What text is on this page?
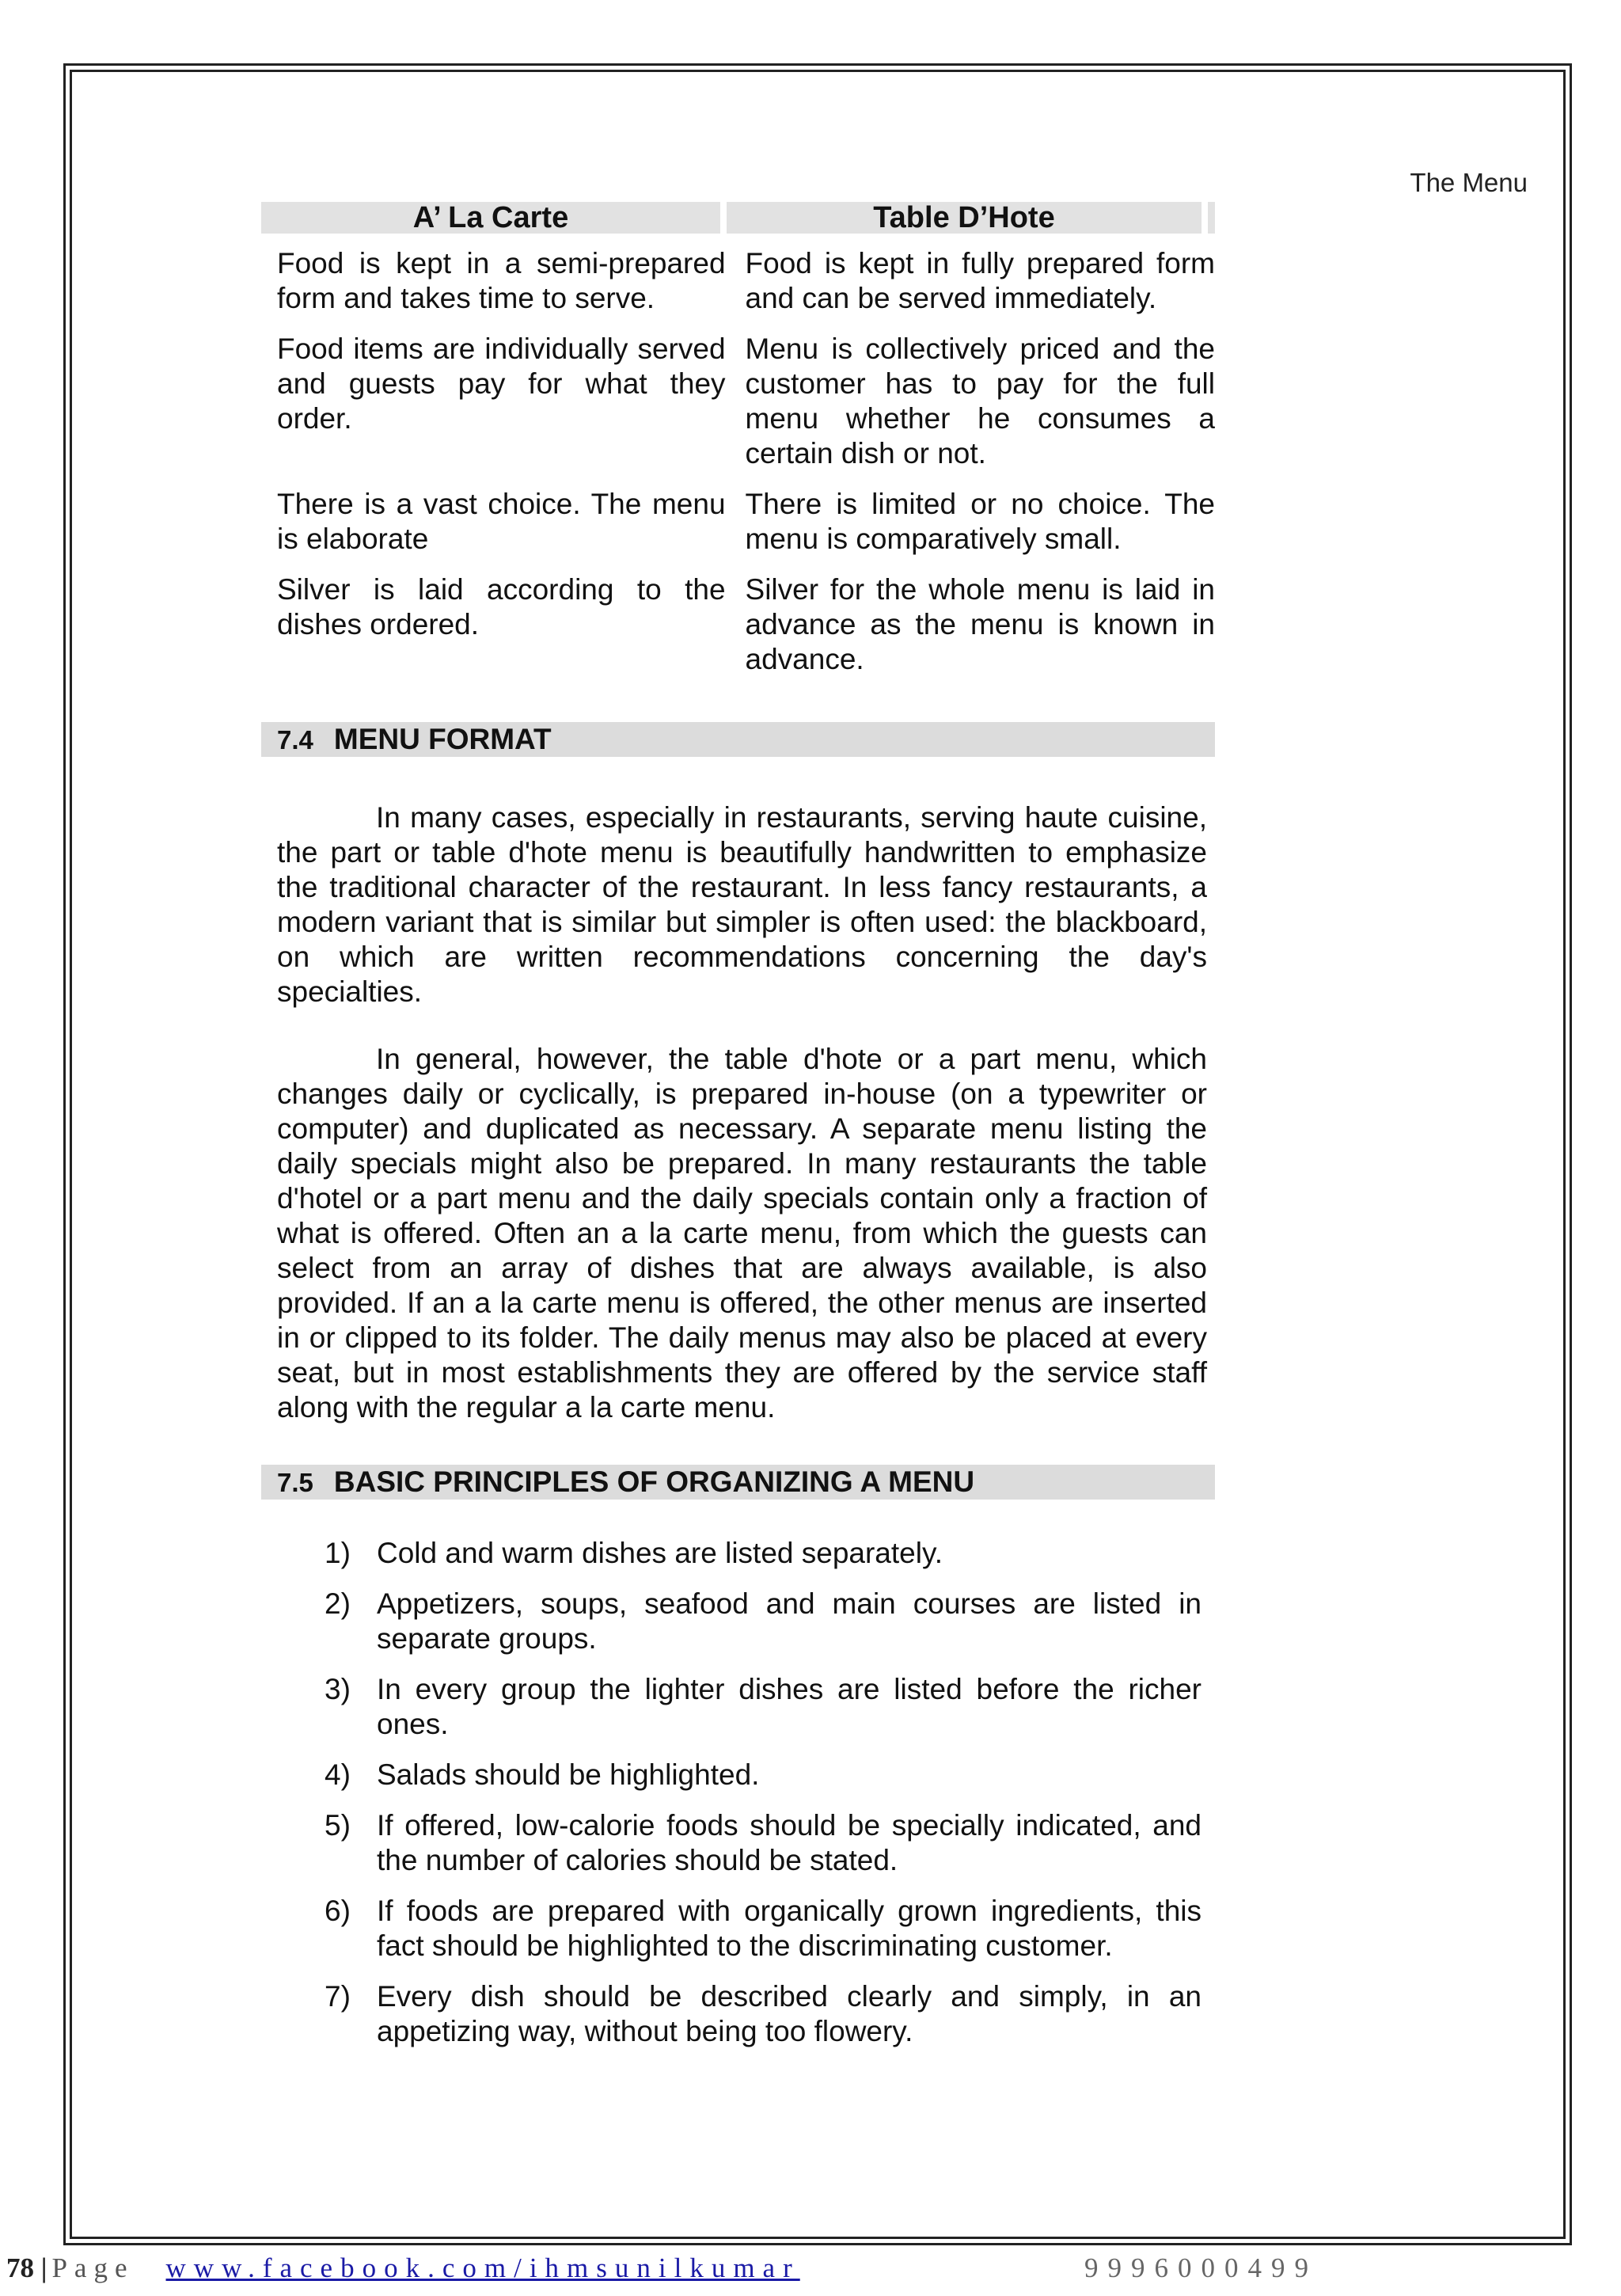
The Menu
A’ La Carte	Table D’Hote
Food is kept in a semi-prepared form and takes time to serve.
Food is kept in fully prepared form and can be served immediately.
Food items are individually served and guests pay for what they order.
Menu is collectively priced and the customer has to pay for the full menu whether he consumes a certain dish or not.
There is a vast choice. The menu is elaborate
There is limited or no choice. The menu is comparatively small.
Silver is laid according to the dishes ordered.
Silver for the whole menu is laid in advance as the menu is known in advance.
7.4 MENU FORMAT

In many cases, especially in restaurants, serving haute cuisine, the part or table d'hote menu is beautifully handwritten to emphasize the traditional character of the restaurant. In less fancy restaurants, a modern variant that is similar but simpler is often used: the blackboard, on which are written recommendations concerning the day's specialties.

In general, however, the table d'hote or a part menu, which changes daily or cyclically, is prepared in-house (on a typewriter or computer) and duplicated as necessary. A separate menu listing the daily specials might also be prepared. In many restaurants the table d'hotel or a part menu and the daily specials contain only a fraction of what is offered. Often an a la carte menu, from which the guests can select from an array of dishes that are always available, is also provided. If an a la carte menu is offered, the other menus are inserted in or clipped to its folder. The daily menus may also be placed at every seat, but in most establishments they are offered by the service staff along with the regular a la carte menu.

7.5 BASIC PRINCIPLES OF ORGANIZING A MENU
1) Cold and warm dishes are listed separately.
2) Appetizers, soups, seafood and main courses are listed in separate groups.
3) In every group the lighter dishes are listed before the richer ones.
4) Salads should be highlighted.
5) If offered, low-calorie foods should be specially indicated, and the number of calories should be stated.
6) If foods are prepared with organically grown ingredients, this fact should be highlighted to the discriminating customer.
7) Every dish should be described clearly and simply, in an appetizing way, without being too flowery.
78 | Page www.facebook.com/ihmsunilkumar	9996000499
